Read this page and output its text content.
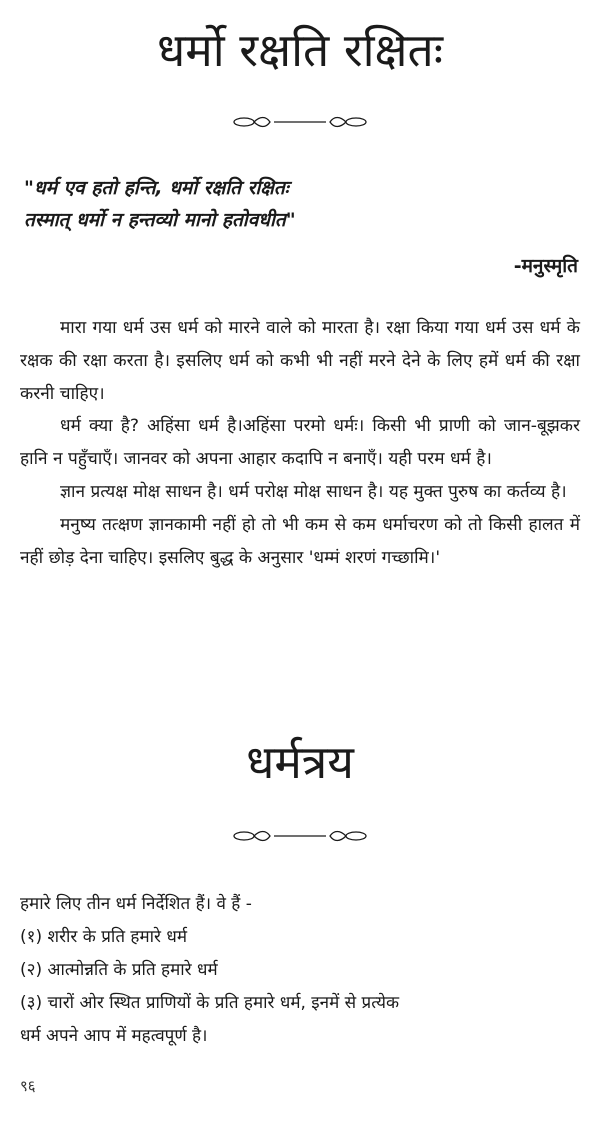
धर्मो रक्षति रक्षितः
"धर्म एव हतो हन्ति, धर्मो रक्षति रक्षितः
तस्मात् धर्मो न हन्तव्यो मानो हतोवधीत"
-मनुस्मृति

मारा गया धर्म उस धर्म को मारने वाले को मारता है। रक्षा किया गया धर्म उस धर्म के रक्षक की रक्षा करता है। इसलिए धर्म को कभी भी नहीं मरने देने के लिए हमें धर्म की रक्षा करनी चाहिए।

धर्म क्या है? अहिंसा धर्म है।अहिंसा परमो धर्मः। किसी भी प्राणी को जान-बूझकर हानि न पहुँचाएँ। जानवर को अपना आहार कदापि न बनाएँ। यही परम धर्म है।

ज्ञान प्रत्यक्ष मोक्ष साधन है। धर्म परोक्ष मोक्ष साधन है। यह मुक्त पुरुष का कर्तव्य है।

मनुष्य तत्क्षण ज्ञानकामी नहीं हो तो भी कम से कम धर्माचरण को तो किसी हालत में नहीं छोड़ देना चाहिए। इसलिए बुद्ध के अनुसार 'धम्मं शरणं गच्छामि।'

धर्मत्रय
हमारे लिए तीन धर्म निर्देशित हैं। वे हैं -
(१) शरीर के प्रति हमारे धर्म
(२) आत्मोन्नति के प्रति हमारे धर्म
(३) चारों ओर स्थित प्राणियों के प्रति हमारे धर्म, इनमें से प्रत्येक
धर्म अपने आप में महत्वपूर्ण है।
९६
